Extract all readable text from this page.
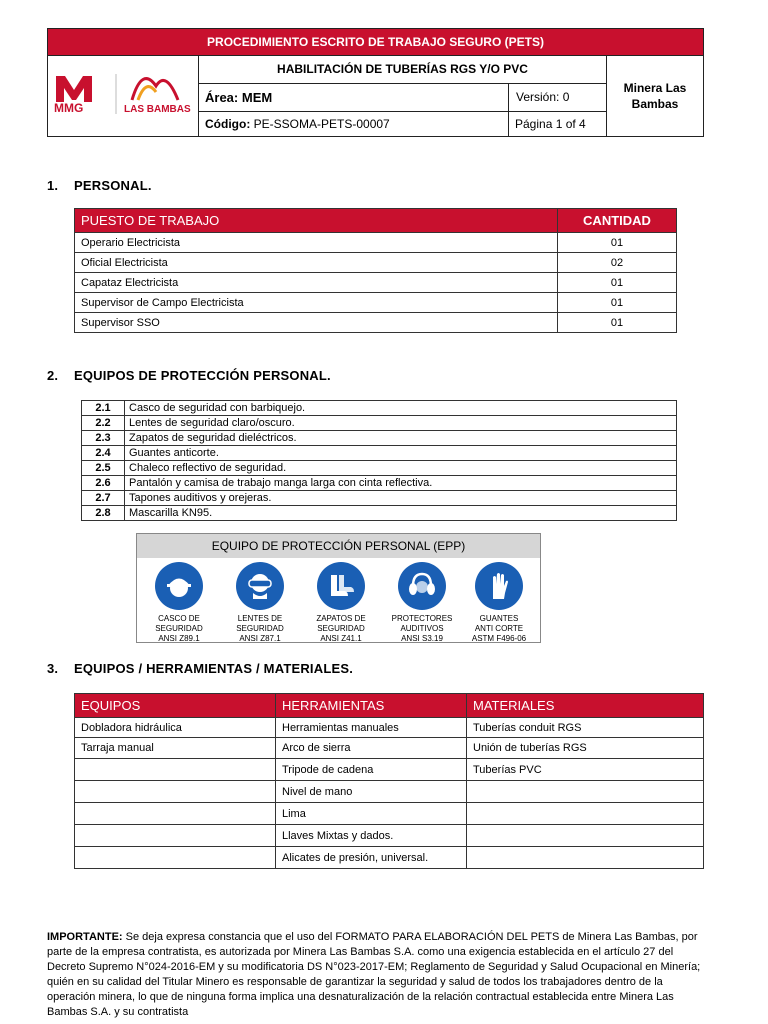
PROCEDIMIENTO ESCRITO DE TRABAJO SEGURO (PETS)
MMG	LAS BAMBAS
HABILITACIÓN DE TUBERÍAS RGS Y/O PVC
Área: MEM	Versión: 0
Código: PE-SSOMA-PETS-00007	Página 1 of 4
Minera Las Bambas
1. PERSONAL.
PUESTO DE TRABAJO	CANTIDAD
Operario Electricista	01
Oficial Electricista	02
Capataz Electricista	01
Supervisor de Campo Electricista	01
Supervisor SSO	01
2. EQUIPOS DE PROTECCIÓN PERSONAL.
2.1	Casco de seguridad con barbiquejo.
2.2	Lentes de seguridad claro/oscuro.
2.3	Zapatos de seguridad dieléctricos.
2.4	Guantes anticorte.
2.5	Chaleco reflectivo de seguridad.
2.6	Pantalón y camisa de trabajo manga larga con cinta reflectiva.
2.7	Tapones auditivos y orejeras.
2.8	Mascarilla KN95.
EQUIPO DE PROTECCIÓN PERSONAL (EPP)
CASCO DE
SEGURIDAD
ANSI Z89.1
LENTES DE
SEGURIDAD
ANSI Z87.1
ZAPATOS DE
SEGURIDAD
ANSI Z41.1
PROTECTORES
AUDITIVOS
ANSI S3.19
GUANTES
ANTI CORTE
ASTM F496-06
3. EQUIPOS / HERRAMIENTAS / MATERIALES.
EQUIPOS	HERRAMIENTAS	MATERIALES
Dobladora hidráulica	Herramientas manuales	Tuberías conduit RGS
Tarraja manual	Arco de sierra	Unión de tuberías RGS
	Tripode de cadena	Tuberías PVC
	Nivel de mano	
	Lima	
	Llaves Mixtas y dados.	
	Alicates de presión, universal.	
IMPORTANTE: Se deja expresa constancia que el uso del FORMATO PARA ELABORACIÓN DEL PETS de Minera Las Bambas, por parte de la empresa contratista, es autorizada por Minera Las Bambas S.A. como una exigencia establecida en el artículo 27 del Decreto Supremo N°024-2016-EM y su modificatoria DS N°023-2017-EM; Reglamento de Seguridad y Salud Ocupacional en Minería; quién en su calidad del Titular Minero es responsable de garantizar la seguridad y salud de todos los trabajadores dentro de la operación minera, lo que de ninguna forma implica una desnaturalización de la relación contractual establecida entre Minera Las Bambas S.A. y su contratista
